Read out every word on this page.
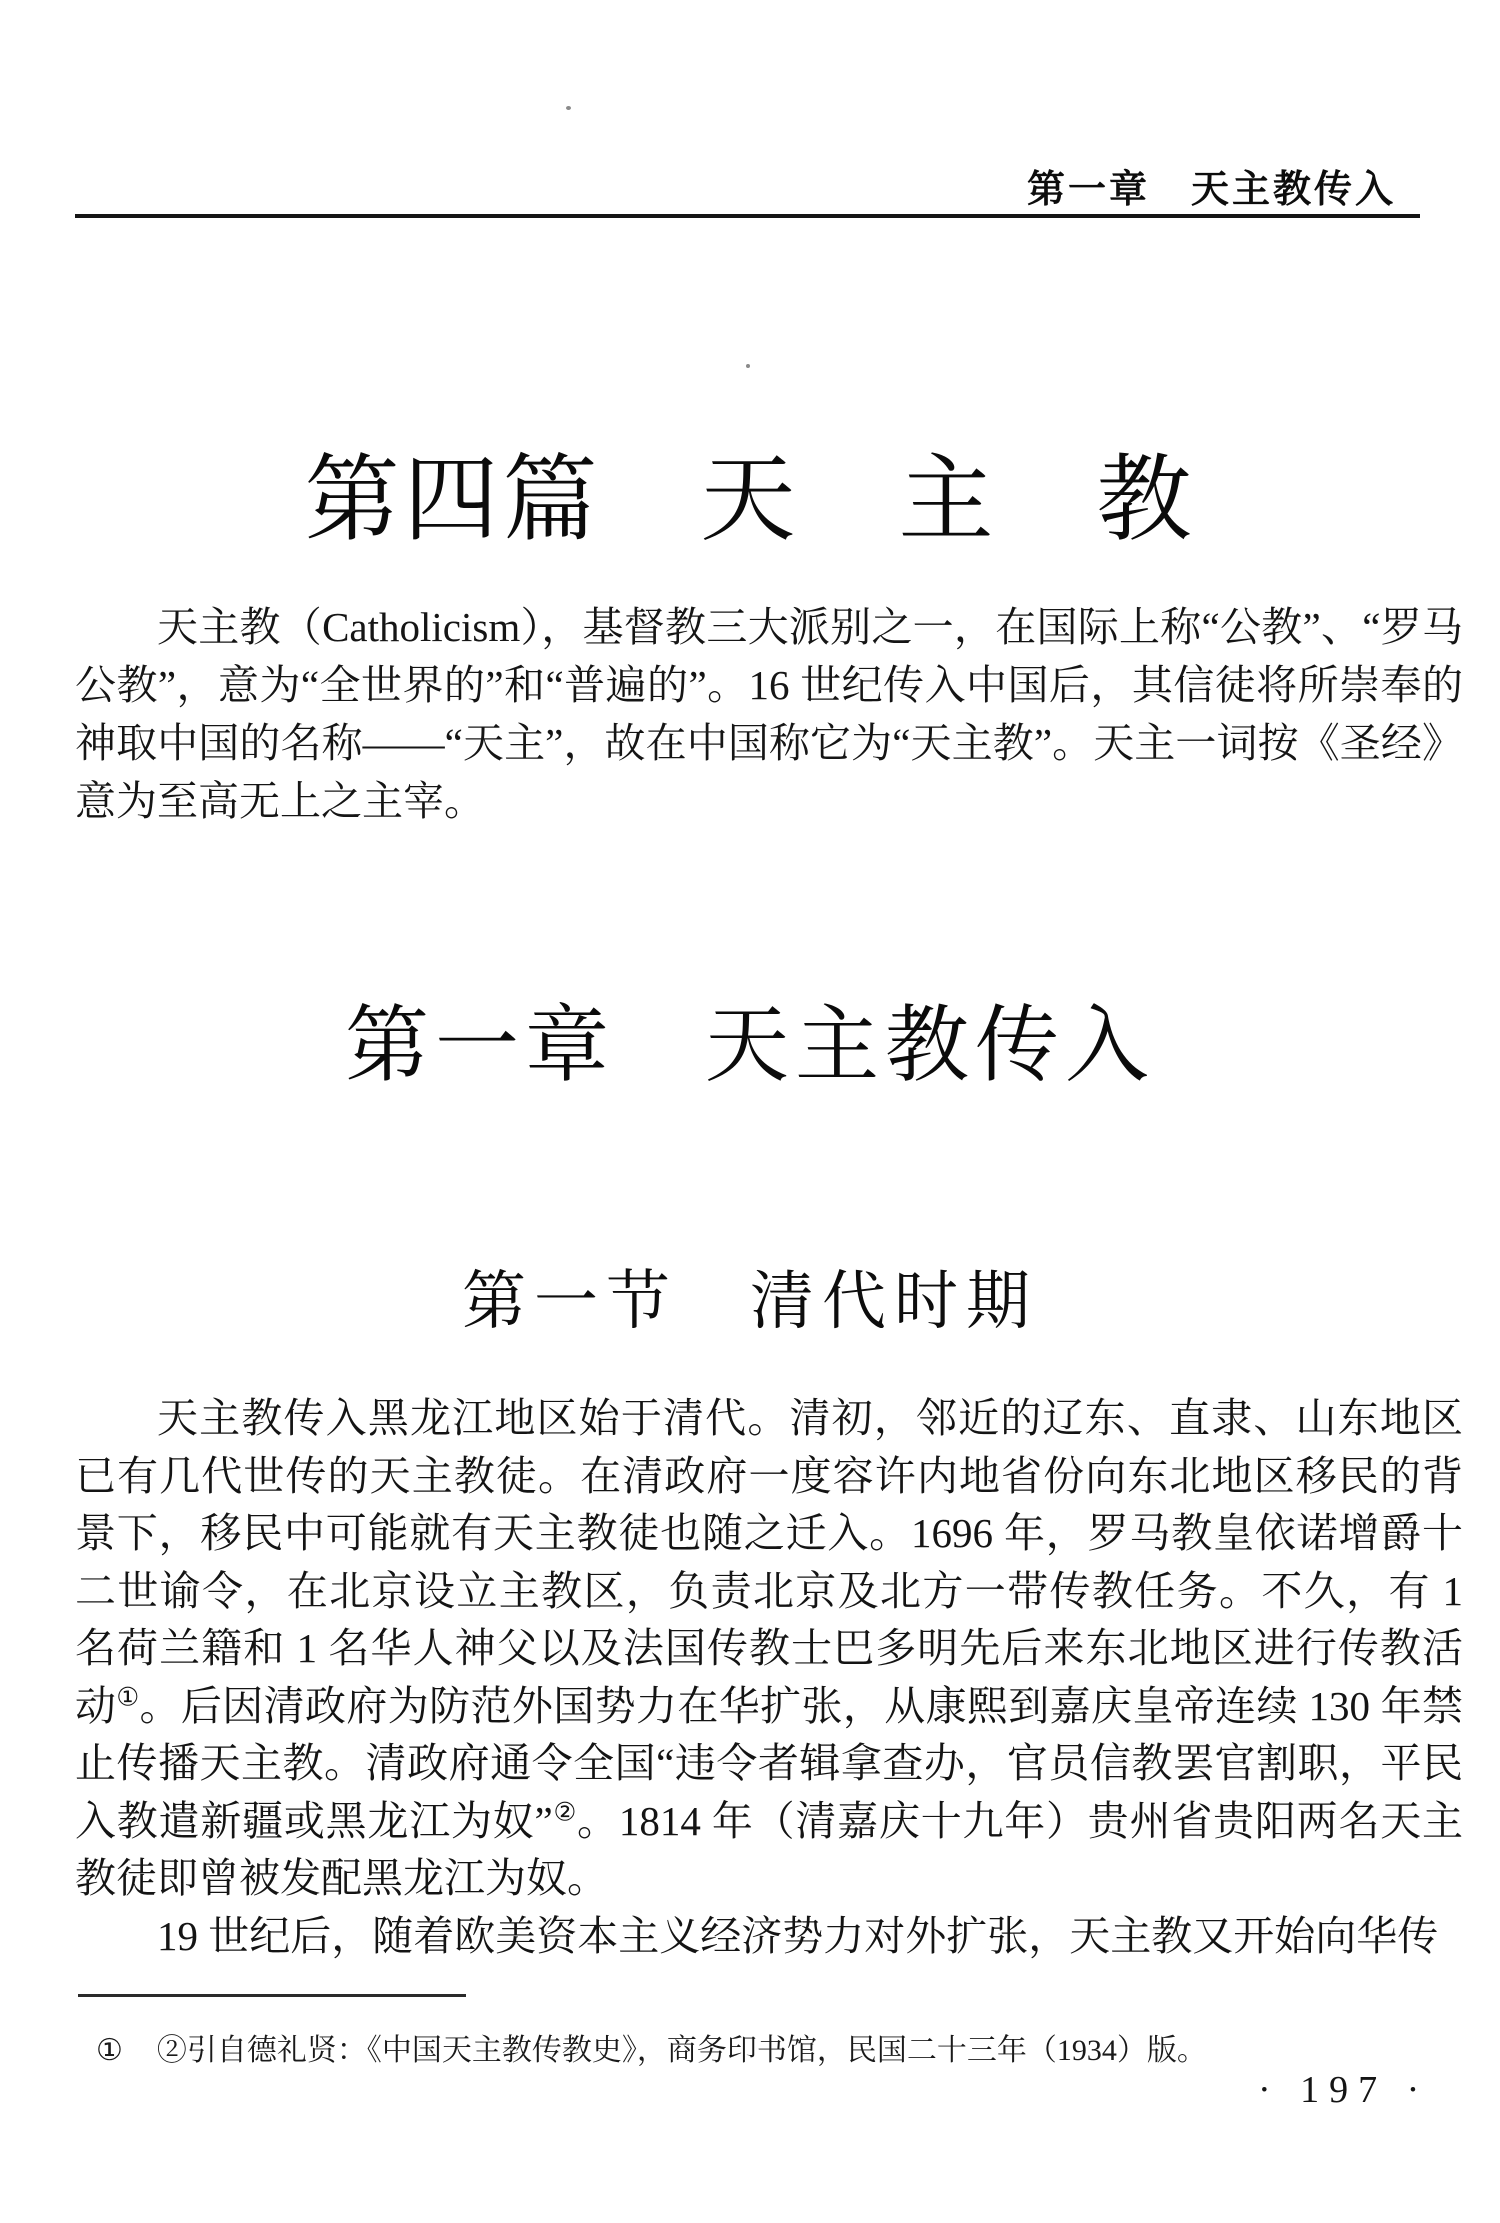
第一章　天主教传入
第四篇　天　主　教
天主教（Catholicism），基督教三大派别之一，在国际上称“公教”、“罗马公教”，意为“全世界的”和“普遍的”。16 世纪传入中国后，其信徒将所崇奉的神取中国的名称——“天主”，故在中国称它为“天主教”。天主一词按《圣经》意为至高无上之主宰。
第一章　天主教传入
第一节　清代时期

天主教传入黑龙江地区始于清代。清初，邻近的辽东、直隶、山东地区已有几代世传的天主教徒。在清政府一度容许内地省份向东北地区移民的背景下，移民中可能就有天主教徒也随之迁入。1696 年，罗马教皇依诺增爵十二世谕令，在北京设立主教区，负责北京及北方一带传教任务。不久，有 1 名荷兰籍和 1 名华人神父以及法国传教士巴多明先后来东北地区进行传教活动①。后因清政府为防范外国势力在华扩张，从康熙到嘉庆皇帝连续 130 年禁止传播天主教。清政府通令全国“违令者辑拿查办，官员信教罢官割职，平民入教遣新疆或黑龙江为奴”②。1814 年（清嘉庆十九年）贵州省贵阳两名天主教徒即曾被发配黑龙江为奴。

19 世纪后，随着欧美资本主义经济势力对外扩张，天主教又开始向华传

① ②引自德礼贤：《中国天主教传教史》，商务印书馆，民国二十三年（1934）版。
· 197 ·
